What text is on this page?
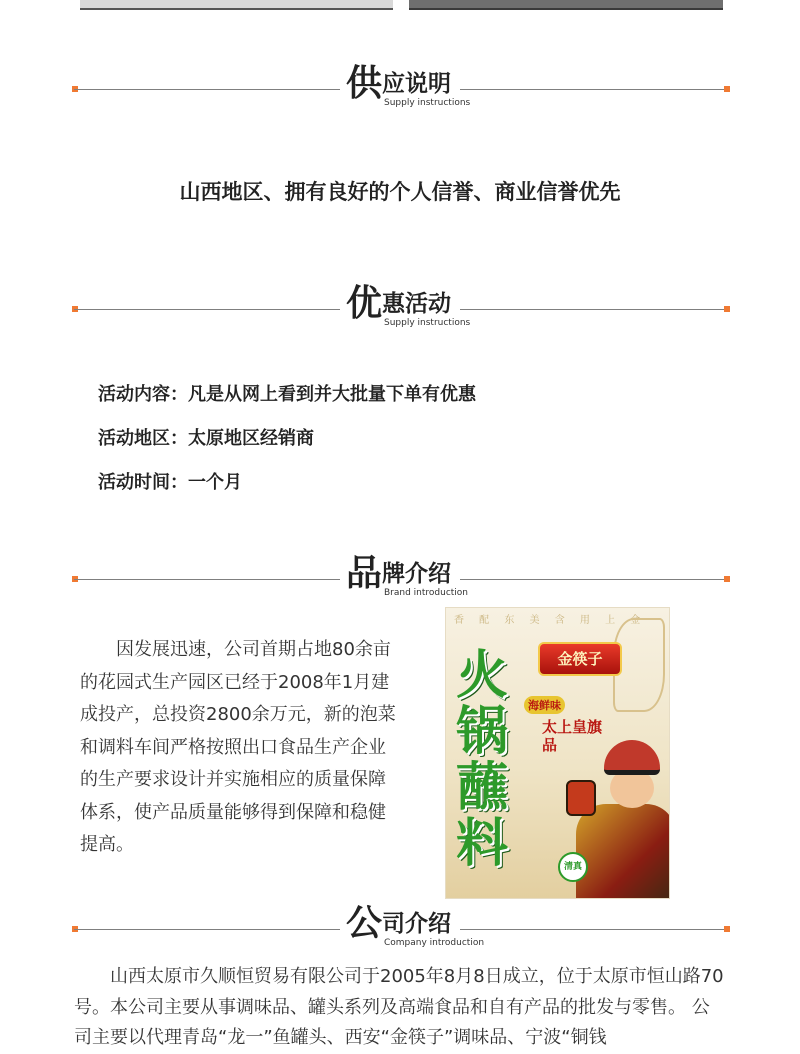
供应说明
Supply instructions
山西地区、拥有良好的个人信誉、商业信誉优先
优惠活动
Supply instructions
活动内容：凡是从网上看到并大批量下单有优惠
活动地区：太原地区经销商
活动时间：一个月
品牌介绍
Brand introduction
因发展迅速，公司首期占地80余亩的花园式生产园区已经于2008年1月建成投产，总投资2800余万元，新的泡菜和调料车间严格按照出口食品生产企业的生产要求设计并实施相应的质量保障体系，使产品质量能够得到保障和稳健提高。
香 配 东 美 含 用 上 金
金筷子
火锅蘸料
海鲜味
太上皇旗品
清真
公司介绍
Company introduction
山西太原市久顺恒贸易有限公司于2005年8月8日成立，位于太原市恒山路70号。本公司主要从事调味品、罐头系列及高端食品和自有产品的批发与零售。 公司主要以代理青岛“龙一”鱼罐头、西安“金筷子”调味品、宁波“铜钱
